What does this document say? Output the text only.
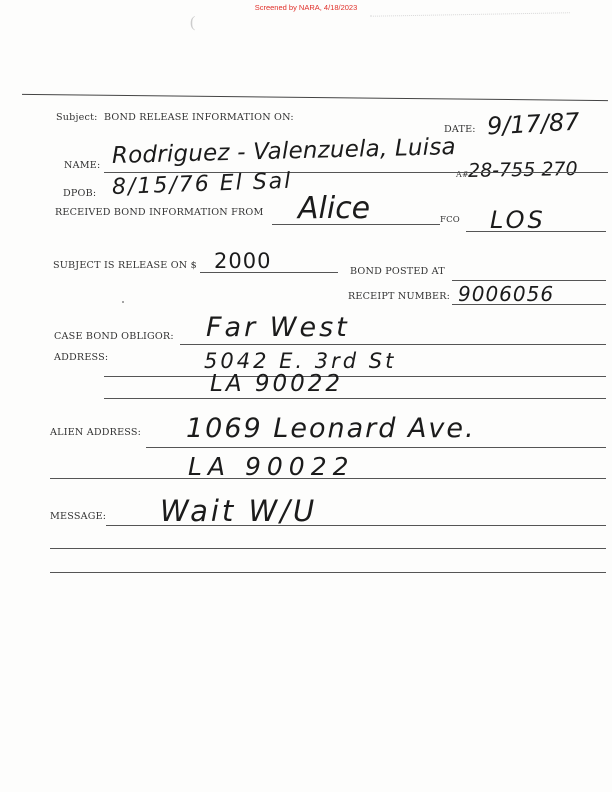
Screened by NARA, 4/18/2023
(
Subject: BOND RELEASE INFORMATION ON:
DATE: 9/17/87
NAME: Rodriguez - Valenzuela, Luisa
A#
28-755 270
DPOB: 8/15/76 El Sal
RECEIVED BOND INFORMATION FROM Alice	FCO LOS
SUBJECT IS RELEASE ON $ 2000	BOND POSTED AT
RECEIPT NUMBER: 9006056
CASE BOND OBLIGOR: Far West
ADDRESS:	5042 E. 3rd St
LA 90022
ALIEN ADDRESS: 1069 Leonard Ave.
LA 90022
MESSAGE: Wait W/U
